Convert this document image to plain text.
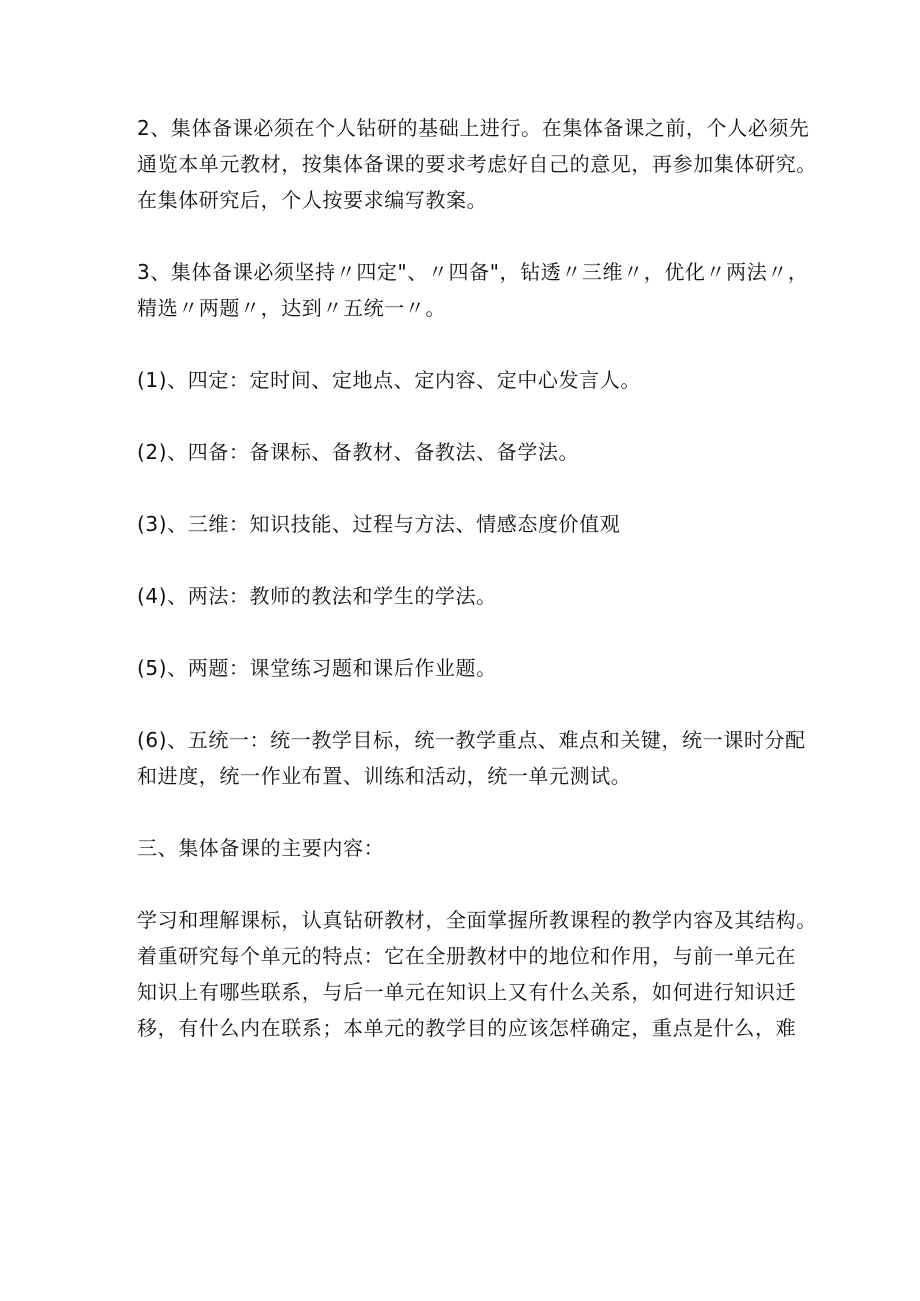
2、集体备课必须在个人钻研的基础上进行。在集体备课之前，个人必须先
通览本单元教材，按集体备课的要求考虑好自己的意见，再参加集体研究。
在集体研究后，个人按要求编写教案。

3、集体备课必须坚持〃四定"、〃四备"，钻透〃三维〃，优化〃两法〃，
精选〃两题〃，达到〃五统一〃。

(1)、四定：定时间、定地点、定内容、定中心发言人。

(2)、四备：备课标、备教材、备教法、备学法。

(3)、三维：知识技能、过程与方法、情感态度价值观

(4)、两法：教师的教法和学生的学法。

(5)、两题：课堂练习题和课后作业题。

(6)、五统一：统一教学目标，统一教学重点、难点和关键，统一课时分配
和进度，统一作业布置、训练和活动，统一单元测试。

三、集体备课的主要内容：

学习和理解课标，认真钻研教材，全面掌握所教课程的教学内容及其结构。
着重研究每个单元的特点：它在全册教材中的地位和作用，与前一单元在
知识上有哪些联系，与后一单元在知识上又有什么关系，如何进行知识迁
移，有什么内在联系；本单元的教学目的应该怎样确定，重点是什么，难
